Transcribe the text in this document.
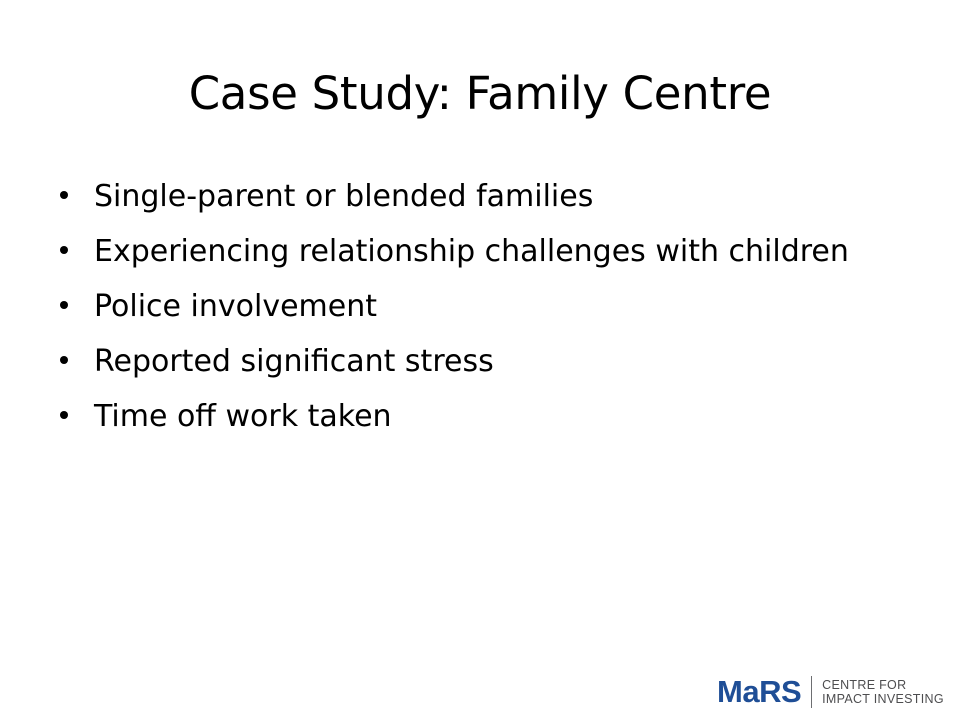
Case Study: Family Centre
Single-parent or blended families
Experiencing relationship challenges with children
Police involvement
Reported significant stress
Time off work taken
MaRS CENTRE FOR
IMPACT INVESTING
